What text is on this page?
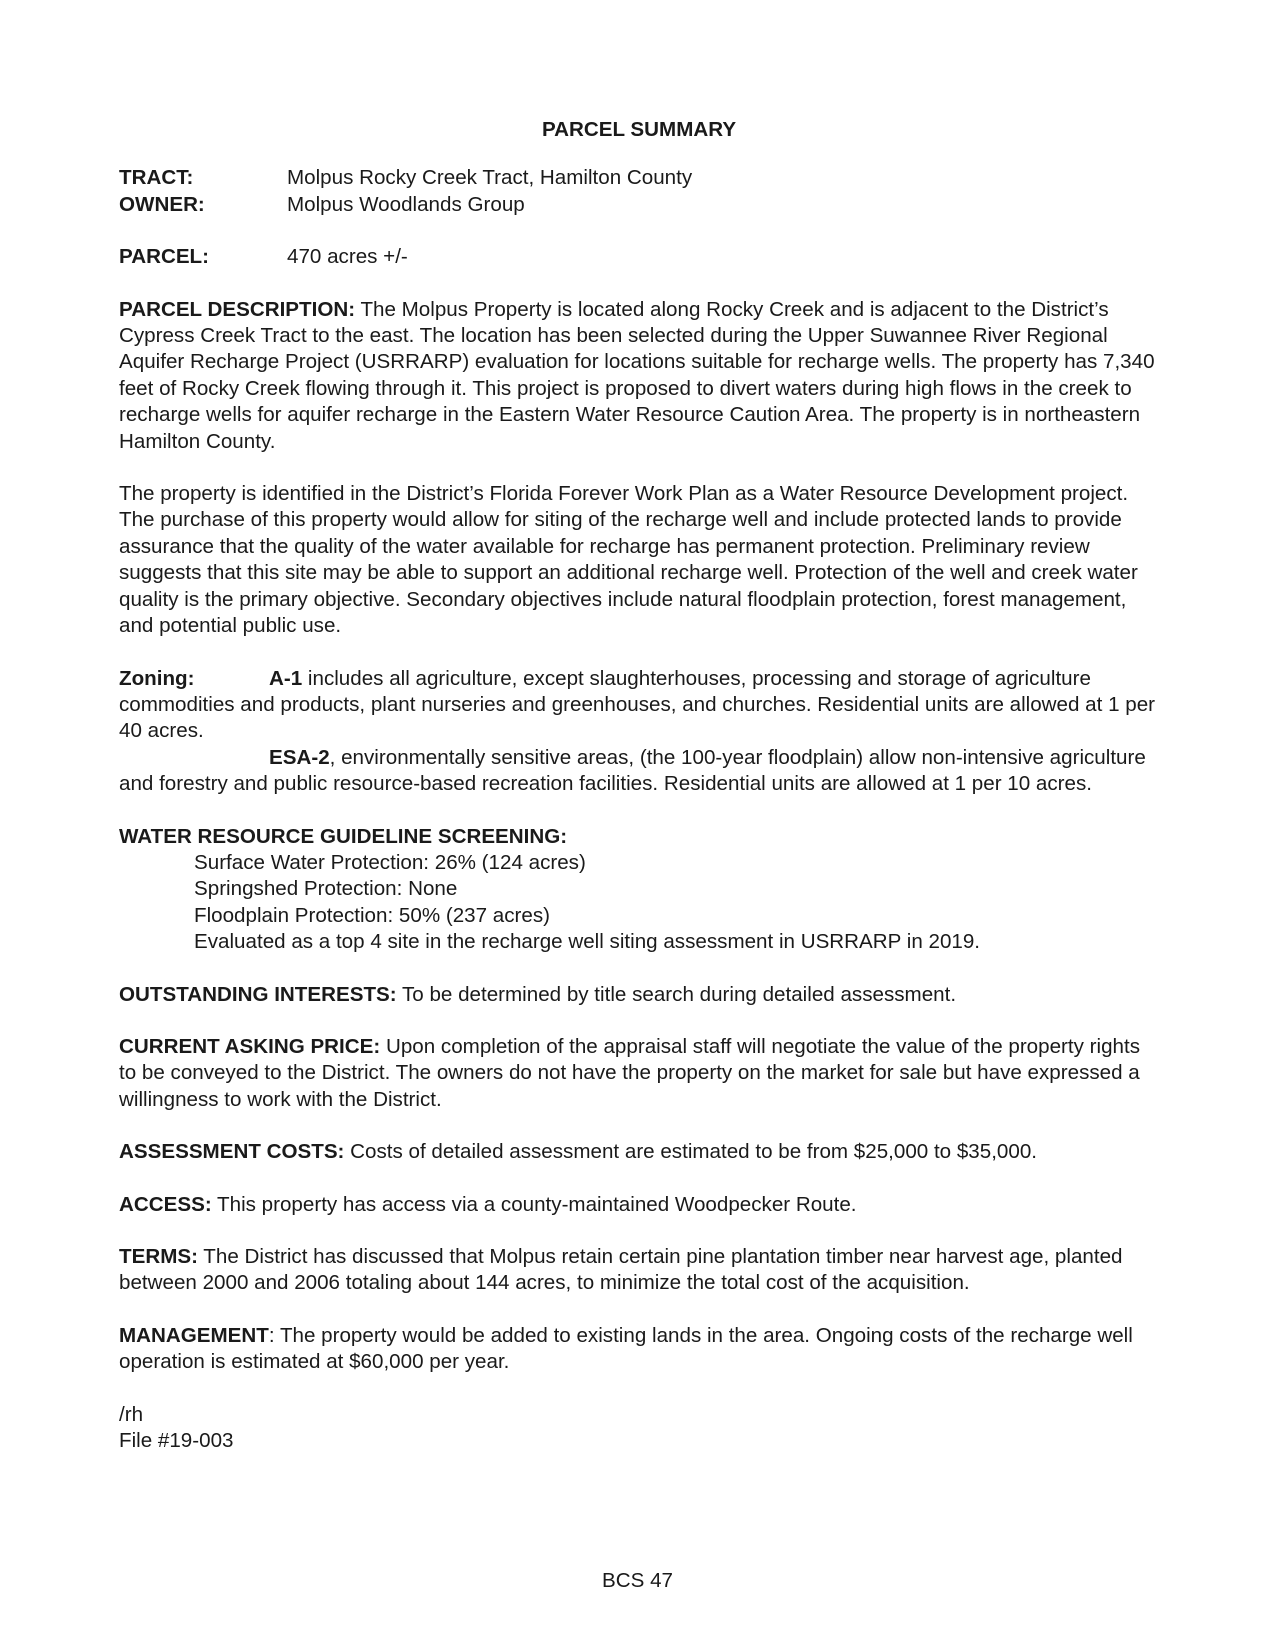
PARCEL SUMMARY
TRACT:	Molpus Rocky Creek Tract, Hamilton County
OWNER:	Molpus Woodlands Group
PARCEL:	470 acres +/-

PARCEL DESCRIPTION: The Molpus Property is located along Rocky Creek and is adjacent to the District’s Cypress Creek Tract to the east. The location has been selected during the Upper Suwannee River Regional Aquifer Recharge Project (USRRARP) evaluation for locations suitable for recharge wells. The property has 7,340 feet of Rocky Creek flowing through it. This project is proposed to divert waters during high flows in the creek to recharge wells for aquifer recharge in the Eastern Water Resource Caution Area. The property is in northeastern Hamilton County.

The property is identified in the District’s Florida Forever Work Plan as a Water Resource Development project. The purchase of this property would allow for siting of the recharge well and include protected lands to provide assurance that the quality of the water available for recharge has permanent protection. Preliminary review suggests that this site may be able to support an additional recharge well. Protection of the well and creek water quality is the primary objective. Secondary objectives include natural floodplain protection, forest management, and potential public use.

Zoning:	A-1 includes all agriculture, except slaughterhouses, processing and storage of agriculture commodities and products, plant nurseries and greenhouses, and churches. Residential units are allowed at 1 per 40 acres.

ESA-2, environmentally sensitive areas, (the 100-year floodplain) allow non-intensive agriculture and forestry and public resource-based recreation facilities. Residential units are allowed at 1 per 10 acres.

WATER RESOURCE GUIDELINE SCREENING:
Surface Water Protection: 26% (124 acres)
Springshed Protection: None
Floodplain Protection: 50% (237 acres)
Evaluated as a top 4 site in the recharge well siting assessment in USRRARP in 2019.

OUTSTANDING INTERESTS: To be determined by title search during detailed assessment.

CURRENT ASKING PRICE: Upon completion of the appraisal staff will negotiate the value of the property rights to be conveyed to the District. The owners do not have the property on the market for sale but have expressed a willingness to work with the District.

ASSESSMENT COSTS: Costs of detailed assessment are estimated to be from $25,000 to $35,000.

ACCESS: This property has access via a county-maintained Woodpecker Route.

TERMS: The District has discussed that Molpus retain certain pine plantation timber near harvest age, planted between 2000 and 2006 totaling about 144 acres, to minimize the total cost of the acquisition.

MANAGEMENT: The property would be added to existing lands in the area. Ongoing costs of the recharge well operation is estimated at $60,000 per year.

/rh
File #19-003
BCS 47
